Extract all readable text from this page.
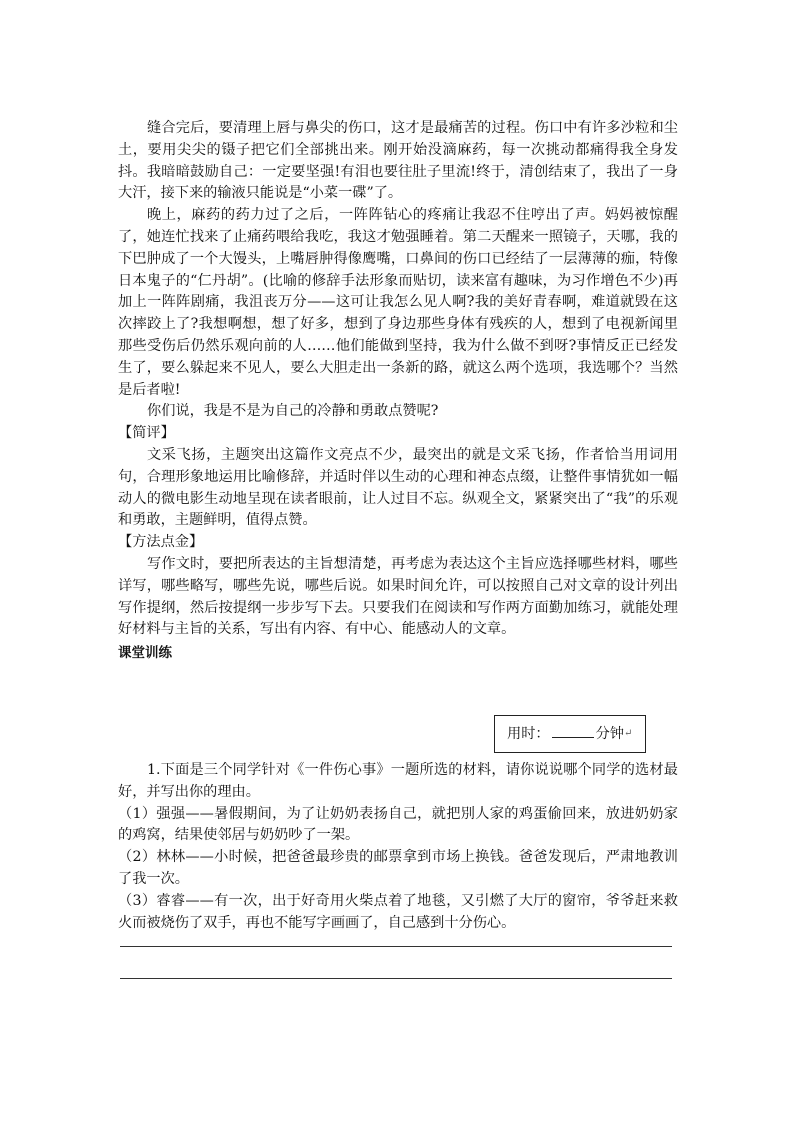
缝合完后，要清理上唇与鼻尖的伤口，这才是最痛苦的过程。伤口中有许多沙粒和尘土，要用尖尖的镊子把它们全部挑出来。刚开始没滴麻药，每一次挑动都痛得我全身发抖。我暗暗鼓励自己：一定要坚强!有泪也要往肚子里流!终于，清创结束了，我出了一身大汗，接下来的输液只能说是“小菜一碟”了。

晚上，麻药的药力过了之后，一阵阵钻心的疼痛让我忍不住哼出了声。妈妈被惊醒了，她连忙找来了止痛药喂给我吃，我这才勉强睡着。第二天醒来一照镜子，天哪，我的下巴肿成了一个大馒头，上嘴唇肿得像鹰嘴，口鼻间的伤口已经结了一层薄薄的痂，特像日本鬼子的“仁丹胡”。(比喻的修辞手法形象而贴切，读来富有趣味，为习作增色不少)再加上一阵阵剧痛，我沮丧万分——这可让我怎么见人啊?我的美好青春啊，难道就毁在这次摔跤上了?我想啊想，想了好多，想到了身边那些身体有残疾的人，想到了电视新闻里那些受伤后仍然乐观向前的人……他们能做到坚持，我为什么做不到呀?事情反正已经发生了，要么躲起来不见人，要么大胆走出一条新的路，就这么两个选项，我选哪个？当然是后者啦!

你们说，我是不是为自己的冷静和勇敢点赞呢?

【简评】

文采飞扬，主题突出这篇作文亮点不少，最突出的就是文采飞扬，作者恰当用词用句，合理形象地运用比喻修辞，并适时伴以生动的心理和神态点缀，让整件事情犹如一幅动人的微电影生动地呈现在读者眼前，让人过目不忘。纵观全文，紧紧突出了“我”的乐观和勇敢，主题鲜明，值得点赞。

【方法点金】

写作文时，要把所表达的主旨想清楚，再考虑为表达这个主旨应选择哪些材料，哪些详写，哪些略写，哪些先说，哪些后说。如果时间允许，可以按照自己对文章的设计列出写作提纲，然后按提纲一步步写下去。只要我们在阅读和写作两方面勤加练习，就能处理好材料与主旨的关系，写出有内容、有中心、能感动人的文章。

课堂训练

用时：	分钟↵

1.下面是三个同学针对《一件伤心事》一题所选的材料，请你说说哪个同学的选材最好，并写出你的理由。

（1）强强——暑假期间，为了让奶奶表扬自己，就把別人家的鸡蛋偷回来，放进奶奶家的鸡窝，结果使邻居与奶奶吵了一架。

（2）林林——小时候，把爸爸最珍贵的邮票拿到市场上换钱。爸爸发现后，严肃地教训了我一次。

（3）睿睿——有一次，出于好奇用火柴点着了地毯，又引燃了大厅的窗帘，爷爷赶来救火而被烧伤了双手，再也不能写字画画了，自己感到十分伤心。
